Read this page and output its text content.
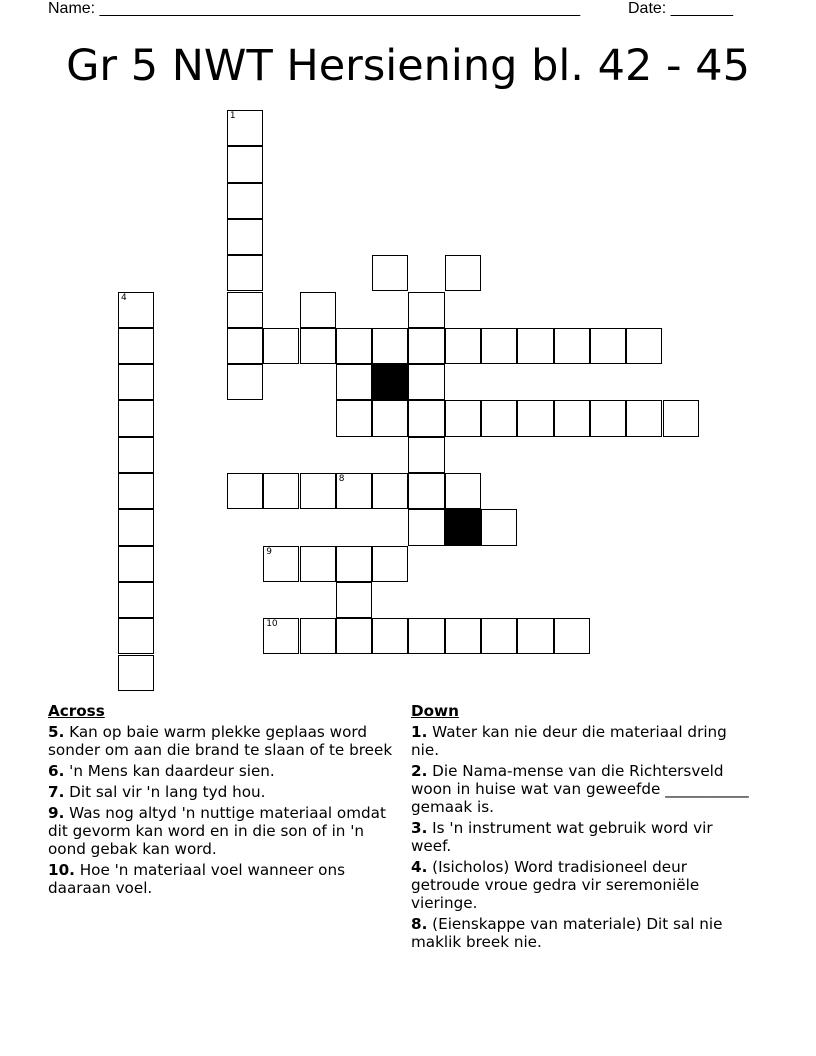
Name: ______________________________________________________	Date: _______
Gr 5 NWT Hersiening bl. 42 - 45
1
4
8
9
10
Across
5. Kan op baie warm plekke geplaas word sonder om aan die brand te slaan of te breek
6. 'n Mens kan daardeur sien.
7. Dit sal vir 'n lang tyd hou.
9. Was nog altyd 'n nuttige materiaal omdat dit gevorm kan word en in die son of in 'n oond gebak kan word.
10. Hoe 'n materiaal voel wanneer ons daaraan voel.
Down
1. Water kan nie deur die materiaal dring nie.
2. Die Nama-mense van die Richtersveld woon in huise wat van geweefde ___________ gemaak is.
3. Is 'n instrument wat gebruik word vir weef.
4. (Isicholos) Word tradisioneel deur getroude vroue gedra vir seremoniële vieringe.
8. (Eienskappe van materiale) Dit sal nie maklik breek nie.
